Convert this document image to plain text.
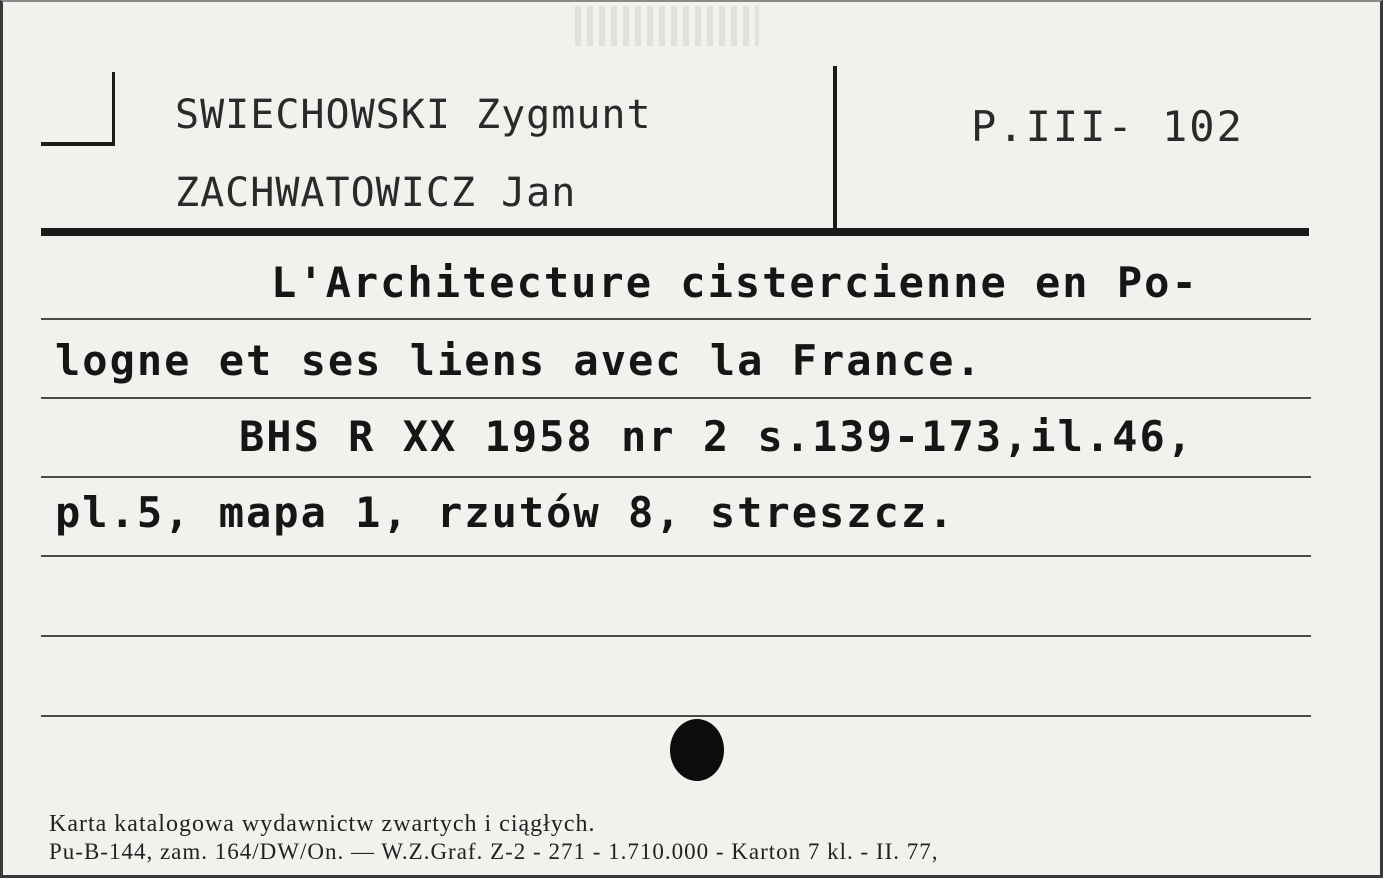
SWIECHOWSKI Zygmunt
ZACHWATOWICZ Jan
P.III- 102
L'Architecture cistercienne en Po-
logne et ses liens avec la France.
BHS R XX 1958 nr 2 s.139-173,il.46,
pl.5, mapa 1, rzutów 8, streszcz.
Karta katalogowa wydawnictw zwartych i ciągłych.
Pu-B-144, zam. 164/DW/On. — W.Z.Graf. Z-2 - 271 - 1.710.000 - Karton 7 kl. - II. 77,
